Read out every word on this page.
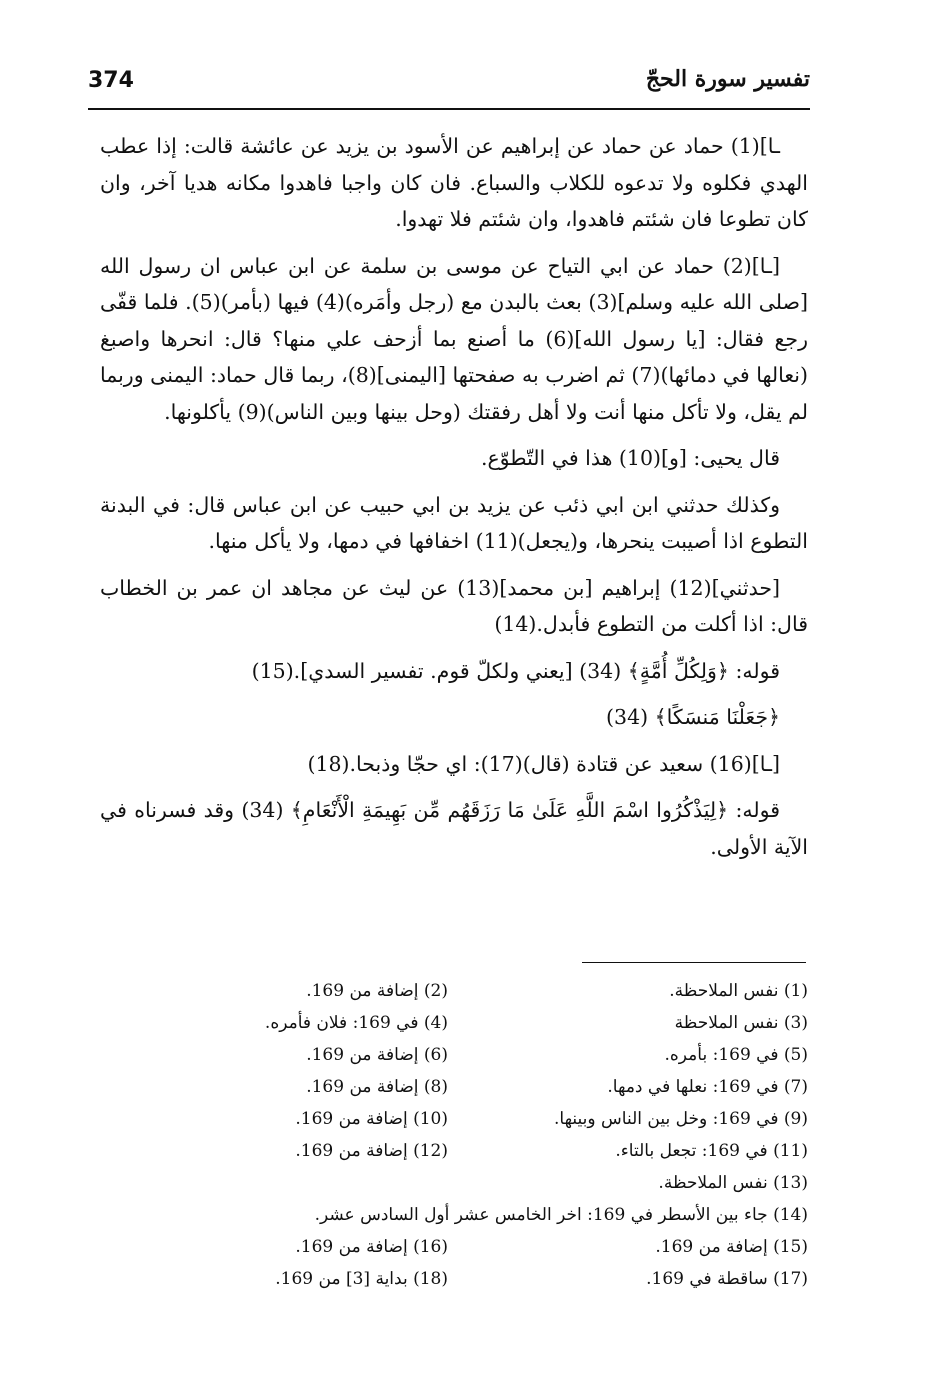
374	تفسير سورة الحجّ

ـا](1) حماد عن حماد عن إبراهيم عن الأسود بن يزيد عن عائشة قالت: إذا عطب الهدي فكلوه ولا تدعوه للكلاب والسباع. فان كان واجبا فاهدوا مكانه هديا آخر، وان كان تطوعا فان شئتم فاهدوا، وان شئتم فلا تهدوا.

[ـا](2) حماد عن ابي التياح عن موسى بن سلمة عن ابن عباس ان رسول الله [صلى الله عليه وسلم](3) بعث بالبدن مع (رجل وأمَره)(4) فيها (بأمر)(5). فلما قفّى رجع فقال: [يا رسول الله](6) ما أصنع بما أزحف علي منها؟ قال: انحرها واصبغ (نعالها في دمائها)(7) ثم اضرب به صفحتها [اليمنى](8)، ربما قال حماد: اليمنى وربما لم يقل، ولا تأكل منها أنت ولا أهل رفقتك (وحل بينها وبين الناس)(9) يأكلونها.

قال يحيى: [و](10) هذا في التّطوّع.

وكذلك حدثني ابن ابي ذئب عن يزيد بن ابي حبيب عن ابن عباس قال: في البدنة التطوع اذا أصيبت ينحرها، و(يجعل)(11) اخفافها في دمها، ولا يأكل منها.

[حدثني](12) إبراهيم [بن محمد](13) عن ليث عن مجاهد ان عمر بن الخطاب قال: اذا أكلت من التطوع فأبدل.(14)

قوله: ﴿وَلِكُلِّ أُمَّةٍ﴾ (34) [يعني ولكلّ قوم. تفسير السدي].(15)

﴿جَعَلْنَا مَنسَكًا﴾ (34)

[ـا](16) سعيد عن قتادة (قال)(17): اي حجّا وذبحا.(18)

قوله: ﴿لِيَذْكُرُوا اسْمَ اللَّهِ عَلَىٰ مَا رَزَقَهُم مِّن بَهِيمَةِ الْأَنْعَامِ﴾ (34) وقد فسرناه في الآية الأولى.

(1) نفس الملاحظة.
(2) إضافة من 169.
(3) نفس الملاحظة
(4) في 169: فلان فأمره.
(5) في 169: بأمره.
(6) إضافة من 169.
(7) في 169: نعلها في دمها.
(8) إضافة من 169.
(9) في 169: وخل بين الناس وبينها.
(10) إضافة من 169.
(11) في 169: تجعل بالتاء.
(12) إضافة من 169.
(13) نفس الملاحظة.
(14) جاء بين الأسطر في 169: اخر الخامس عشر أول السادس عشر.
(15) إضافة من 169.
(16) إضافة من 169.
(17) ساقطة في 169.
(18) بداية [3] من 169.
